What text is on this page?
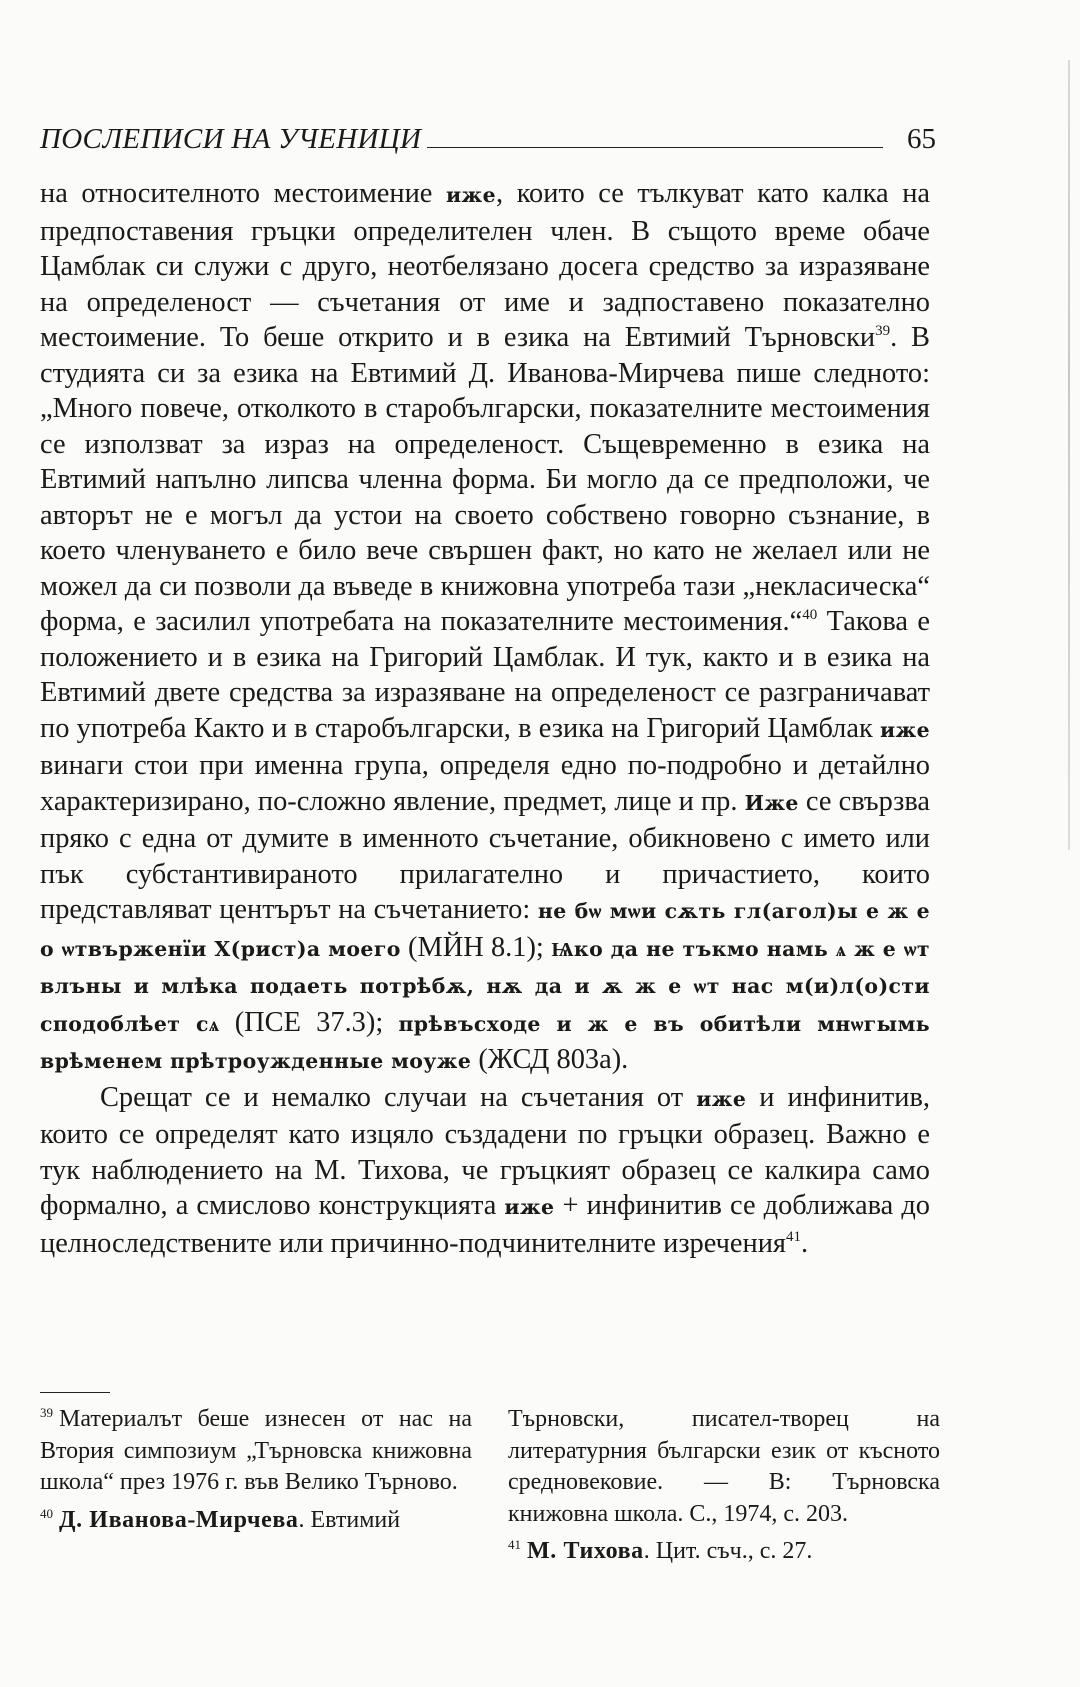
ПОСЛЕПИСИ НА УЧЕНИЦИ	65

на относителното местоимение иже, които се тълкуват като калка на предпоставения гръцки определителен член. В същото време обаче Цамблак си служи с друго, неотбелязано досега средство за изразяване на определеност — съчетания от име и задпоставено показателно местоимение. То беше открито и в езика на Евтимий Търновски$^{39}$. В студията си за езика на Евтимий Д. Иванова-Мирчева пише следното: „Много повече, отколкото в старобългарски, показателните местоимения се използват за израз на определеност. Същевременно в езика на Евтимий напълно липсва членна форма. Би могло да се предположи, че авторът не е могъл да устои на своето собствено говорно съзнание, в което членуването е било вече свършен факт, но като не желаел или не можел да си позволи да въведе в книжовна употреба тази „некласическа“ форма, е засилил употребата на показателните местоимения.“$^{40}$ Такова е положението и в езика на Григорий Цамблак. И тук, както и в езика на Евтимий двете средства за изразяване на определеност се разграничават по употреба Както и в старобългарски, в езика на Григорий Цамблак иже винаги стои при именна група, определя едно по-подробно и детайлно характеризирано, по-сложно явление, предмет, лице и пр. Иже се свързва пряко с една от думите в именното съчетание, обикновено с името или пък субстантивираното прилагателно и причастието, които представляват центърът на съчетанието: не бѡ мѡи сѫть гл(агол)ы е ж е о ѡтвърженїи Х(рист)а моего (МЙН 8.1); Ѩко да не тъкмо намь ѧ ж е ѡт влъны и млѣка подаеть потрѣбѫ, нѫ да и ѫ ж е ѡт нас м(и)л(о)сти сподоблѣет сѧ (ПСЕ 37.3); прѣвъсходе и ж е въ обитѣли мнѡгымь врѣменем прѣтроужденные моуже (ЖСД 803а).

Срещат се и немалко случаи на съчетания от иже и инфинитив, които се определят като изцяло създадени по гръцки образец. Важно е тук наблюдението на М. Тихова, че гръцкият образец се калкира само формално, а смислово конструкцията иже + инфинитив се доближава до целноследствените или причинно-подчинителните изречения$^{41}$.

$^{39}$ Материалът беше изнесен от нас на Втория симпозиум „Търновска книжовна школа“ през 1976 г. във Велико Търново.

$^{40}$ Д. Иванова-Мирчева. Евтимий

Търновски, писател-творец на литературния български език от късното средновековие. — В: Търновска книжовна школа. С., 1974, с. 203.

$^{41}$ М. Тихова. Цит. съч., с. 27.
